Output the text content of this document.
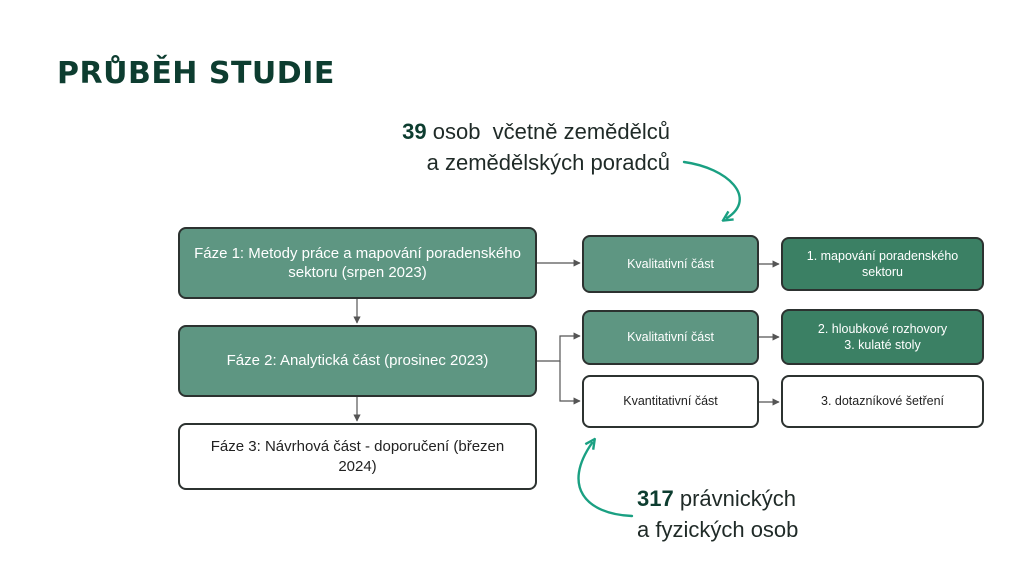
PRŮBĚH STUDIE
39 osob  včetně zemědělců
a zemědělských poradců
317 právnických
a fyzických osob
Fáze 1: Metody práce a mapování poradenského sektoru (srpen 2023)
Fáze 2: Analytická část (prosinec 2023)
Fáze 3: Návrhová část - doporučení (březen 2024)
Kvalitativní část
Kvalitativní část
Kvantitativní část
1. mapování poradenského sektoru
2. hloubkové rozhovory
3. kulaté stoly
3. dotazníkové šetření
